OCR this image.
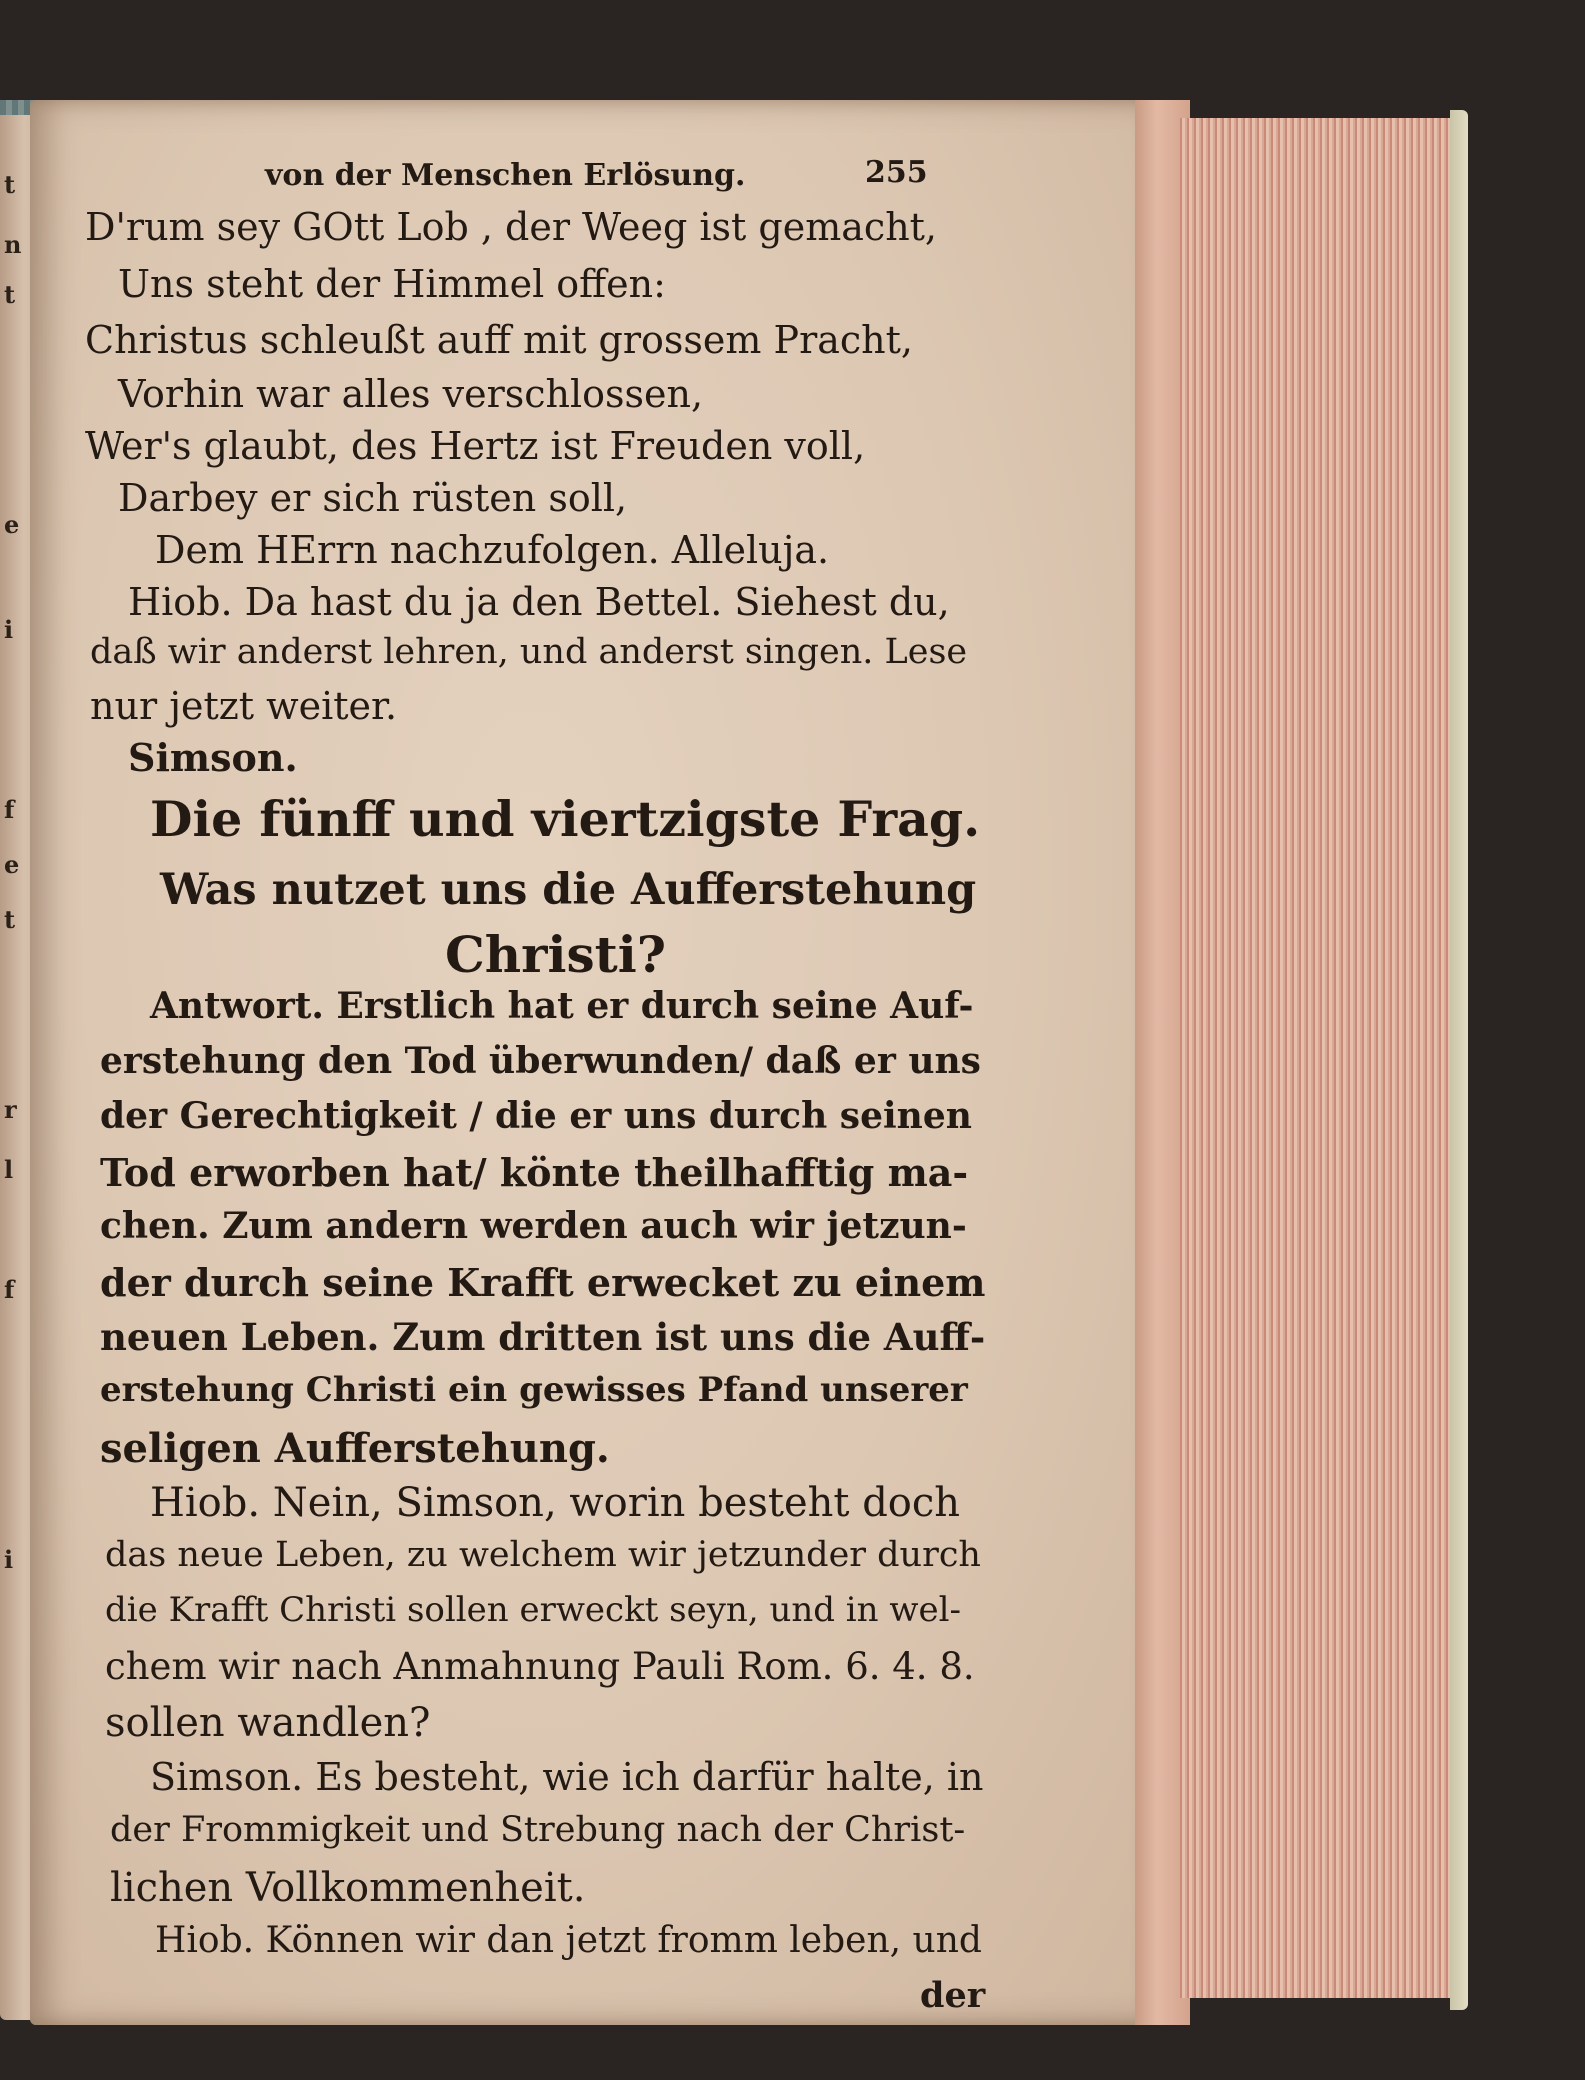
t
n
t
e
i
f
t
e
r
l
f
i
von der Menschen Erlösung.	255
D'rum sey GOtt Lob , der Weeg ist gemacht,
Uns steht der Himmel offen:
Christus schleußt auff mit grossem Pracht,
Vorhin war alles verschlossen,
Wer's glaubt, des Hertz ist Freuden voll,
Darbey er sich rüsten soll,
Dem HErrn nachzufolgen. Alleluja.
Hiob. Da hast du ja den Bettel. Siehest du,
daß wir anderst lehren, und anderst singen. Lese
nur jetzt weiter.
Simson.
Die fünff und viertzigste Frag.
Was nutzet uns die Aufferstehung
Christi?
Antwort. Erstlich hat er durch seine Auf-
erstehung den Tod überwunden/ daß er uns
der Gerechtigkeit / die er uns durch seinen
Tod erworben hat/ könte theilhafftig ma-
chen. Zum andern werden auch wir jetzun-
der durch seine Krafft erwecket zu einem
neuen Leben. Zum dritten ist uns die Auff-
erstehung Christi ein gewisses Pfand unserer
seligen Aufferstehung.
Hiob. Nein, Simson, worin besteht doch
das neue Leben, zu welchem wir jetzunder durch
die Krafft Christi sollen erweckt seyn, und in wel-
chem wir nach Anmahnung Pauli Rom. 6. 4. 8.
sollen wandlen?
Simson. Es besteht, wie ich darfür halte, in
der Frommigkeit und Strebung nach der Christ-
lichen Vollkommenheit.
Hiob. Können wir dan jetzt fromm leben, und
der
